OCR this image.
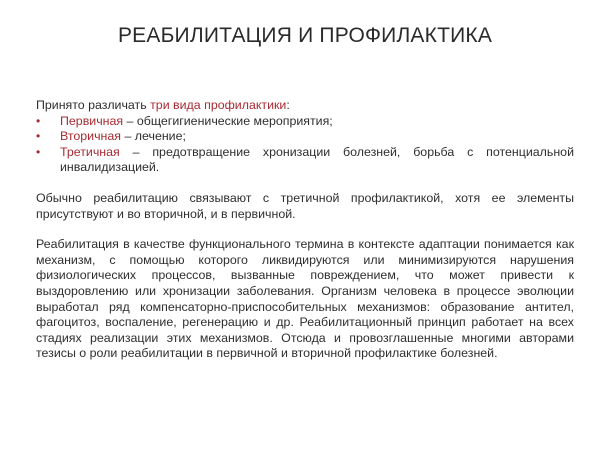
РЕАБИЛИТАЦИЯ И ПРОФИЛАКТИКА

Принято различать три вида профилактики:

• Первичная – общегигиенические мероприятия;
• Вторичная – лечение;
• Третичная – предотвращение хронизации болезней, борьба с потенциальной инвалидизацией.

Обычно реабилитацию связывают с третичной профилактикой, хотя ее элементы присутствуют и во вторичной, и в первичной.

Реабилитация в качестве функционального термина в контексте адаптации понимается как механизм, с помощью которого ликвидируются или минимизируются нарушения физиологических процессов, вызванные повреждением, что может привести к выздоровлению или хронизации заболевания. Организм человека в процессе эволюции выработал ряд компенсаторно-приспособительных механизмов: образование антител, фагоцитоз, воспаление, регенерацию и др. Реабилитационный принцип работает на всех стадиях реализации этих механизмов. Отсюда и провозглашенные многими авторами тезисы о роли реабилитации в первичной и вторичной профилактике болезней.
